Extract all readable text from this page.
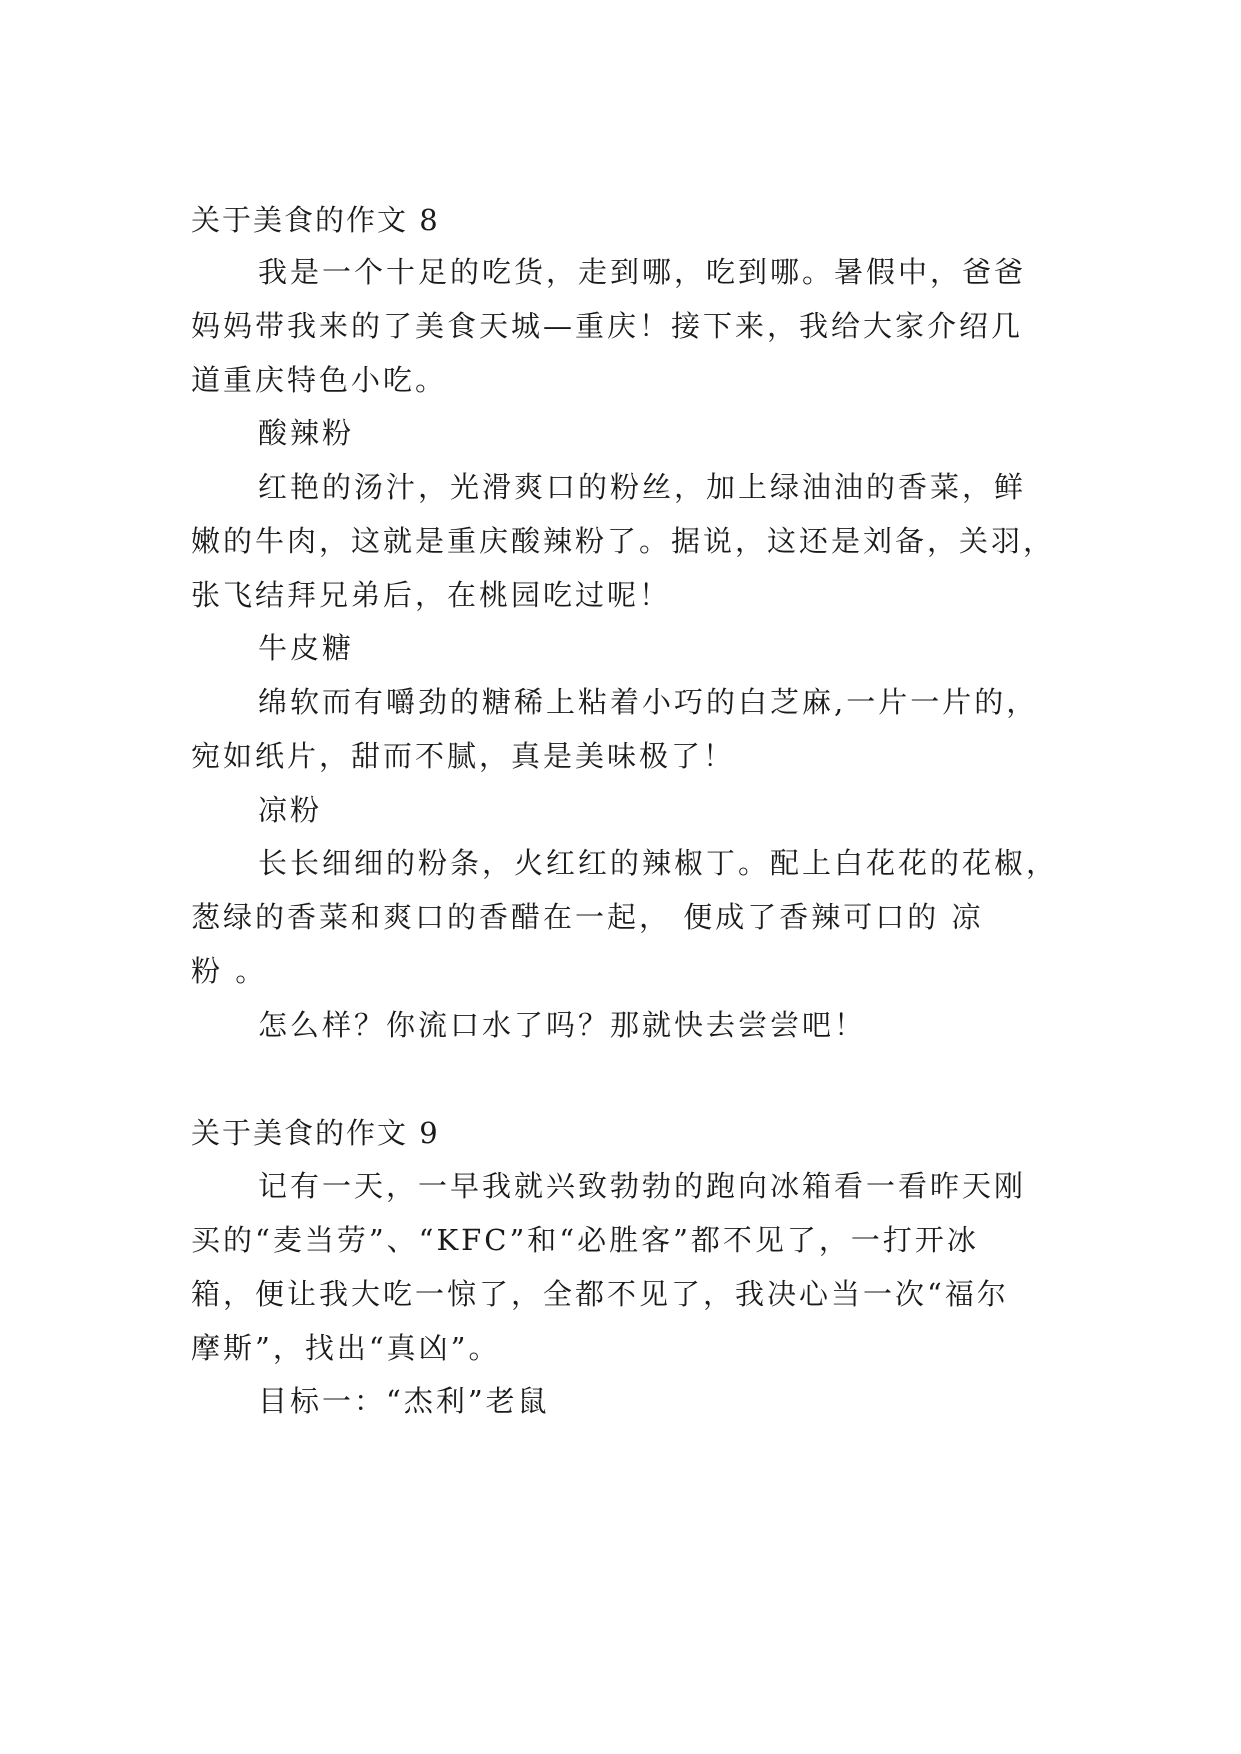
关于美食的作文 8
我是一个十足的吃货，走到哪，吃到哪。暑假中，爸爸
妈妈带我来的了美食天城—重庆！接下来，我给大家介绍几
道重庆特色小吃。
酸辣粉
红艳的汤汁，光滑爽口的粉丝，加上绿油油的香菜，鲜
嫩的牛肉，这就是重庆酸辣粉了。据说，这还是刘备，关羽，
张飞结拜兄弟后，在桃园吃过呢！
牛皮糖
绵软而有嚼劲的糖稀上粘着小巧的白芝麻,一片一片的，
宛如纸片，甜而不腻，真是美味极了！
凉粉
长长细细的粉条，火红红的辣椒丁。配上白花花的花椒，
葱绿的香菜和爽口的香醋在一起， 便成了香辣可口的 凉
粉 。
怎么样？你流口水了吗？那就快去尝尝吧！
关于美食的作文 9
记有一天，一早我就兴致勃勃的跑向冰箱看一看昨天刚
买的“麦当劳”、“KFC”和“必胜客”都不见了，一打开冰
箱，便让我大吃一惊了，全都不见了，我决心当一次“福尔
摩斯”，找出“真凶”。
目标一：“杰利”老鼠
